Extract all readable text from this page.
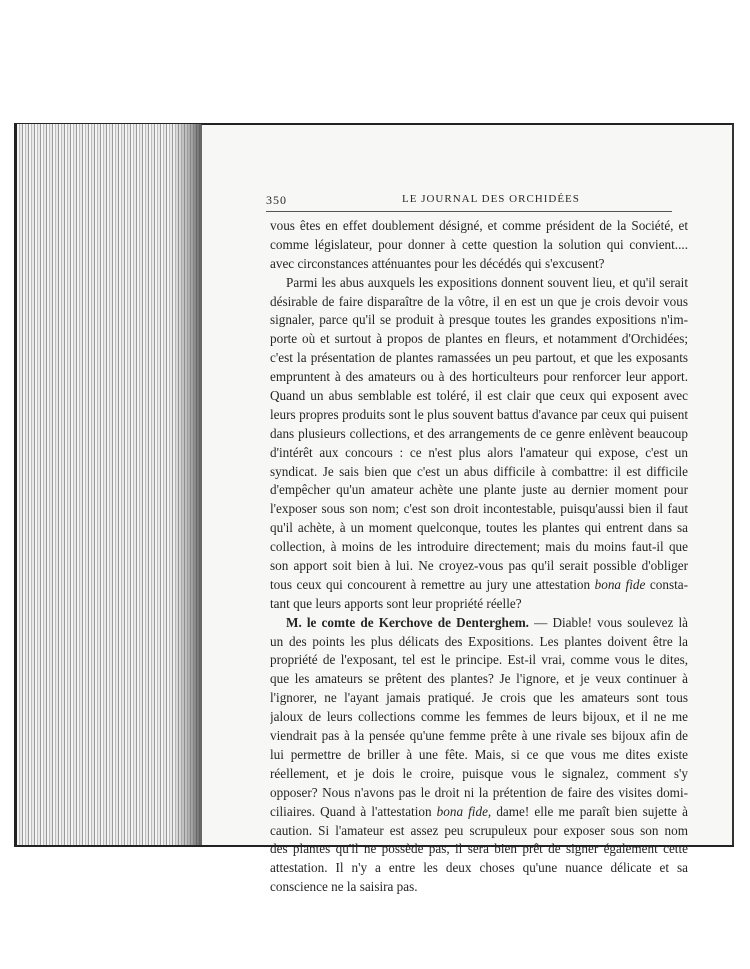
350	LE JOURNAL DES ORCHIDÉES
vous êtes en effet doublement désigné, et comme président de la Société, et
comme législateur, pour donner à cette question la solution qui convient....
avec circonstances atténuantes pour les décédés qui s'excusent?
Parmi les abus auxquels les expositions donnent souvent lieu, et qu'il serait
désirable de faire disparaître de la vôtre, il en est un que je crois devoir vous
signaler, parce qu'il se produit à presque toutes les grandes expositions n'im-
porte où et surtout à propos de plantes en fleurs, et notamment d'Orchidées;
c'est la présentation de plantes ramassées un peu partout, et que les exposants
empruntent à des amateurs ou à des horticulteurs pour renforcer leur apport.
Quand un abus semblable est toléré, il est clair que ceux qui exposent avec
leurs propres produits sont le plus souvent battus d'avance par ceux qui puisent
dans plusieurs collections, et des arrangements de ce genre enlèvent beaucoup
d'intérêt aux concours : ce n'est plus alors l'amateur qui expose, c'est un
syndicat. Je sais bien que c'est un abus difficile à combattre: il est difficile
d'empêcher qu'un amateur achète une plante juste au dernier moment pour
l'exposer sous son nom; c'est son droit incontestable, puisqu'aussi bien il faut
qu'il achète, à un moment quelconque, toutes les plantes qui entrent dans sa
collection, à moins de les introduire directement; mais du moins faut-il que
son apport soit bien à lui. Ne croyez-vous pas qu'il serait possible d'obliger
tous ceux qui concourent à remettre au jury une attestation bona fide consta-
tant que leurs apports sont leur propriété réelle?
M. le comte de Kerchove de Denterghem. — Diable! vous soulevez là
un des points les plus délicats des Expositions. Les plantes doivent être la
propriété de l'exposant, tel est le principe. Est-il vrai, comme vous le dites,
que les amateurs se prêtent des plantes? Je l'ignore, et je veux continuer à
l'ignorer, ne l'ayant jamais pratiqué. Je crois que les amateurs sont tous
jaloux de leurs collections comme les femmes de leurs bijoux, et il ne me
viendrait pas à la pensée qu'une femme prête à une rivale ses bijoux afin de
lui permettre de briller à une fête. Mais, si ce que vous me dites existe
réellement, et je dois le croire, puisque vous le signalez, comment s'y
opposer? Nous n'avons pas le droit ni la prétention de faire des visites domi-
ciliaires. Quand à l'attestation bona fide, dame! elle me paraît bien sujette à
caution. Si l'amateur est assez peu scrupuleux pour exposer sous son nom
des plantes qu'il ne possède pas, il sera bien prêt de signer également cette
attestation. Il n'y a entre les deux choses qu'une nuance délicate et sa
conscience ne la saisira pas.
